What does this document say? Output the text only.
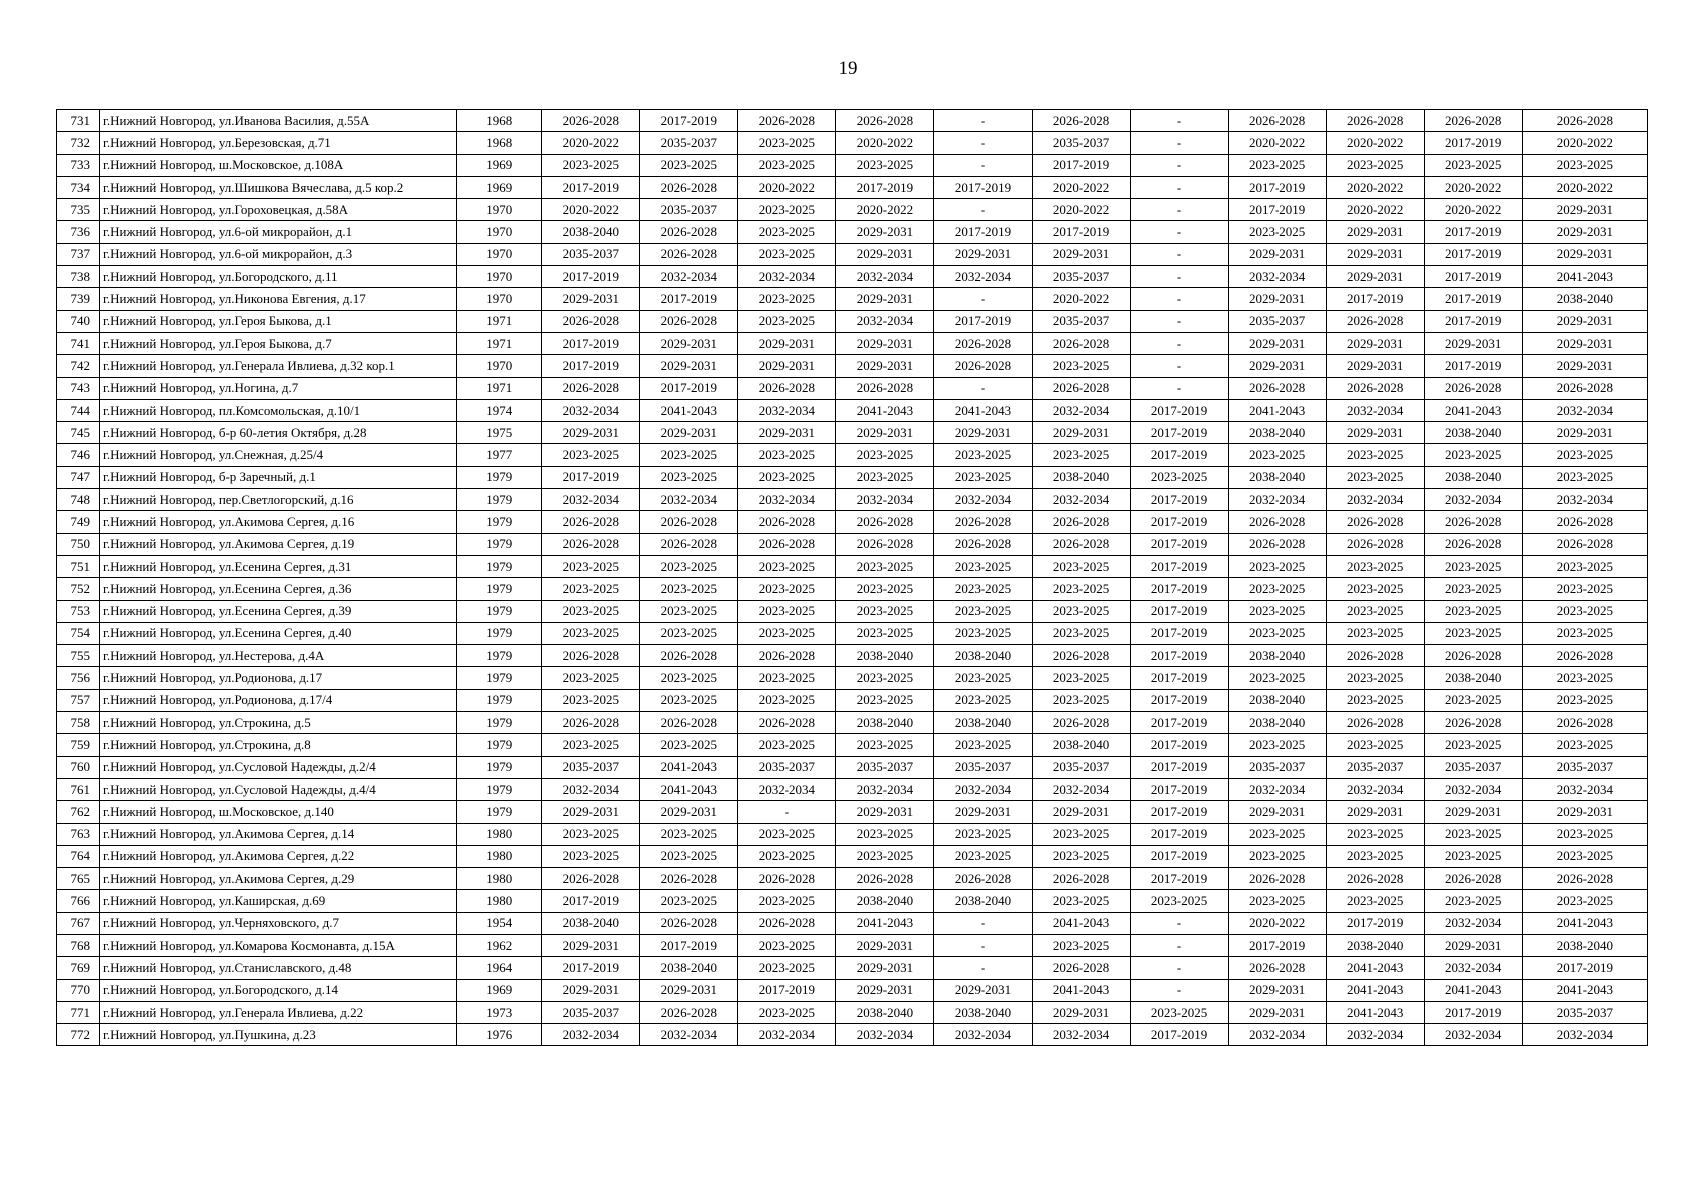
19
731	г.Нижний Новгород, ул.Иванова Василия, д.55А	1968	2026-2028	2017-2019	2026-2028	2026-2028	-	2026-2028	-	2026-2028	2026-2028	2026-2028	2026-2028
732	г.Нижний Новгород, ул.Березовская, д.71	1968	2020-2022	2035-2037	2023-2025	2020-2022	-	2035-2037	-	2020-2022	2020-2022	2017-2019	2020-2022
733	г.Нижний Новгород, ш.Московское, д.108А	1969	2023-2025	2023-2025	2023-2025	2023-2025	-	2017-2019	-	2023-2025	2023-2025	2023-2025	2023-2025
734	г.Нижний Новгород, ул.Шишкова Вячеслава, д.5 кор.2	1969	2017-2019	2026-2028	2020-2022	2017-2019	2017-2019	2020-2022	-	2017-2019	2020-2022	2020-2022	2020-2022
735	г.Нижний Новгород, ул.Гороховецкая, д.58А	1970	2020-2022	2035-2037	2023-2025	2020-2022	-	2020-2022	-	2017-2019	2020-2022	2020-2022	2029-2031
736	г.Нижний Новгород, ул.6-ой микрорайон, д.1	1970	2038-2040	2026-2028	2023-2025	2029-2031	2017-2019	2017-2019	-	2023-2025	2029-2031	2017-2019	2029-2031
737	г.Нижний Новгород, ул.6-ой микрорайон, д.3	1970	2035-2037	2026-2028	2023-2025	2029-2031	2029-2031	2029-2031	-	2029-2031	2029-2031	2017-2019	2029-2031
738	г.Нижний Новгород, ул.Богородского, д.11	1970	2017-2019	2032-2034	2032-2034	2032-2034	2032-2034	2035-2037	-	2032-2034	2029-2031	2017-2019	2041-2043
739	г.Нижний Новгород, ул.Никонова Евгения, д.17	1970	2029-2031	2017-2019	2023-2025	2029-2031	-	2020-2022	-	2029-2031	2017-2019	2017-2019	2038-2040
740	г.Нижний Новгород, ул.Героя Быкова, д.1	1971	2026-2028	2026-2028	2023-2025	2032-2034	2017-2019	2035-2037	-	2035-2037	2026-2028	2017-2019	2029-2031
741	г.Нижний Новгород, ул.Героя Быкова, д.7	1971	2017-2019	2029-2031	2029-2031	2029-2031	2026-2028	2026-2028	-	2029-2031	2029-2031	2029-2031	2029-2031
742	г.Нижний Новгород, ул.Генерала Ивлиева, д.32 кор.1	1970	2017-2019	2029-2031	2029-2031	2029-2031	2026-2028	2023-2025	-	2029-2031	2029-2031	2017-2019	2029-2031
743	г.Нижний Новгород, ул.Ногина, д.7	1971	2026-2028	2017-2019	2026-2028	2026-2028	-	2026-2028	-	2026-2028	2026-2028	2026-2028	2026-2028
744	г.Нижний Новгород, пл.Комсомольская, д.10/1	1974	2032-2034	2041-2043	2032-2034	2041-2043	2041-2043	2032-2034	2017-2019	2041-2043	2032-2034	2041-2043	2032-2034
745	г.Нижний Новгород, б-р 60-летия Октября, д.28	1975	2029-2031	2029-2031	2029-2031	2029-2031	2029-2031	2029-2031	2017-2019	2038-2040	2029-2031	2038-2040	2029-2031
746	г.Нижний Новгород, ул.Снежная, д.25/4	1977	2023-2025	2023-2025	2023-2025	2023-2025	2023-2025	2023-2025	2017-2019	2023-2025	2023-2025	2023-2025	2023-2025
747	г.Нижний Новгород, б-р Заречный, д.1	1979	2017-2019	2023-2025	2023-2025	2023-2025	2023-2025	2038-2040	2023-2025	2038-2040	2023-2025	2038-2040	2023-2025
748	г.Нижний Новгород, пер.Светлогорский, д.16	1979	2032-2034	2032-2034	2032-2034	2032-2034	2032-2034	2032-2034	2017-2019	2032-2034	2032-2034	2032-2034	2032-2034
749	г.Нижний Новгород, ул.Акимова Сергея, д.16	1979	2026-2028	2026-2028	2026-2028	2026-2028	2026-2028	2026-2028	2017-2019	2026-2028	2026-2028	2026-2028	2026-2028
750	г.Нижний Новгород, ул.Акимова Сергея, д.19	1979	2026-2028	2026-2028	2026-2028	2026-2028	2026-2028	2026-2028	2017-2019	2026-2028	2026-2028	2026-2028	2026-2028
751	г.Нижний Новгород, ул.Есенина Сергея, д.31	1979	2023-2025	2023-2025	2023-2025	2023-2025	2023-2025	2023-2025	2017-2019	2023-2025	2023-2025	2023-2025	2023-2025
752	г.Нижний Новгород, ул.Есенина Сергея, д.36	1979	2023-2025	2023-2025	2023-2025	2023-2025	2023-2025	2023-2025	2017-2019	2023-2025	2023-2025	2023-2025	2023-2025
753	г.Нижний Новгород, ул.Есенина Сергея, д.39	1979	2023-2025	2023-2025	2023-2025	2023-2025	2023-2025	2023-2025	2017-2019	2023-2025	2023-2025	2023-2025	2023-2025
754	г.Нижний Новгород, ул.Есенина Сергея, д.40	1979	2023-2025	2023-2025	2023-2025	2023-2025	2023-2025	2023-2025	2017-2019	2023-2025	2023-2025	2023-2025	2023-2025
755	г.Нижний Новгород, ул.Нестерова, д.4А	1979	2026-2028	2026-2028	2026-2028	2038-2040	2038-2040	2026-2028	2017-2019	2038-2040	2026-2028	2026-2028	2026-2028
756	г.Нижний Новгород, ул.Родионова, д.17	1979	2023-2025	2023-2025	2023-2025	2023-2025	2023-2025	2023-2025	2017-2019	2023-2025	2023-2025	2038-2040	2023-2025
757	г.Нижний Новгород, ул.Родионова, д.17/4	1979	2023-2025	2023-2025	2023-2025	2023-2025	2023-2025	2023-2025	2017-2019	2038-2040	2023-2025	2023-2025	2023-2025
758	г.Нижний Новгород, ул.Строкина, д.5	1979	2026-2028	2026-2028	2026-2028	2038-2040	2038-2040	2026-2028	2017-2019	2038-2040	2026-2028	2026-2028	2026-2028
759	г.Нижний Новгород, ул.Строкина, д.8	1979	2023-2025	2023-2025	2023-2025	2023-2025	2023-2025	2038-2040	2017-2019	2023-2025	2023-2025	2023-2025	2023-2025
760	г.Нижний Новгород, ул.Сусловой Надежды, д.2/4	1979	2035-2037	2041-2043	2035-2037	2035-2037	2035-2037	2035-2037	2017-2019	2035-2037	2035-2037	2035-2037	2035-2037
761	г.Нижний Новгород, ул.Сусловой Надежды, д.4/4	1979	2032-2034	2041-2043	2032-2034	2032-2034	2032-2034	2032-2034	2017-2019	2032-2034	2032-2034	2032-2034	2032-2034
762	г.Нижний Новгород, ш.Московское, д.140	1979	2029-2031	2029-2031	-	2029-2031	2029-2031	2029-2031	2017-2019	2029-2031	2029-2031	2029-2031	2029-2031
763	г.Нижний Новгород, ул.Акимова Сергея, д.14	1980	2023-2025	2023-2025	2023-2025	2023-2025	2023-2025	2023-2025	2017-2019	2023-2025	2023-2025	2023-2025	2023-2025
764	г.Нижний Новгород, ул.Акимова Сергея, д.22	1980	2023-2025	2023-2025	2023-2025	2023-2025	2023-2025	2023-2025	2017-2019	2023-2025	2023-2025	2023-2025	2023-2025
765	г.Нижний Новгород, ул.Акимова Сергея, д.29	1980	2026-2028	2026-2028	2026-2028	2026-2028	2026-2028	2026-2028	2017-2019	2026-2028	2026-2028	2026-2028	2026-2028
766	г.Нижний Новгород, ул.Каширская, д.69	1980	2017-2019	2023-2025	2023-2025	2038-2040	2038-2040	2023-2025	2023-2025	2023-2025	2023-2025	2023-2025	2023-2025
767	г.Нижний Новгород, ул.Черняховского, д.7	1954	2038-2040	2026-2028	2026-2028	2041-2043	-	2041-2043	-	2020-2022	2017-2019	2032-2034	2041-2043
768	г.Нижний Новгород, ул.Комарова Космонавта, д.15А	1962	2029-2031	2017-2019	2023-2025	2029-2031	-	2023-2025	-	2017-2019	2038-2040	2029-2031	2038-2040
769	г.Нижний Новгород, ул.Станиславского, д.48	1964	2017-2019	2038-2040	2023-2025	2029-2031	-	2026-2028	-	2026-2028	2041-2043	2032-2034	2017-2019
770	г.Нижний Новгород, ул.Богородского, д.14	1969	2029-2031	2029-2031	2017-2019	2029-2031	2029-2031	2041-2043	-	2029-2031	2041-2043	2041-2043	2041-2043
771	г.Нижний Новгород, ул.Генерала Ивлиева, д.22	1973	2035-2037	2026-2028	2023-2025	2038-2040	2038-2040	2029-2031	2023-2025	2029-2031	2041-2043	2017-2019	2035-2037
772	г.Нижний Новгород, ул.Пушкина, д.23	1976	2032-2034	2032-2034	2032-2034	2032-2034	2032-2034	2032-2034	2017-2019	2032-2034	2032-2034	2032-2034	2032-2034
